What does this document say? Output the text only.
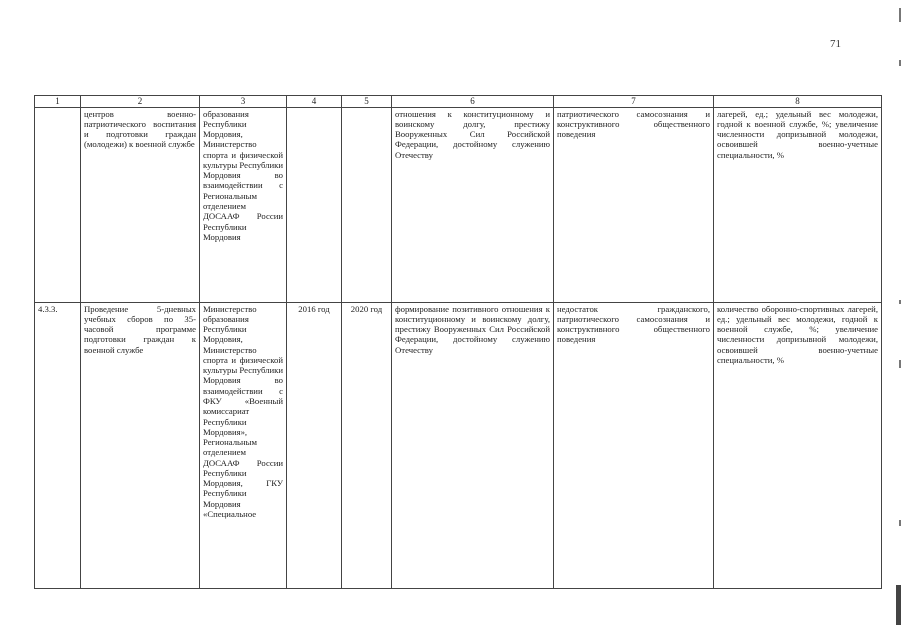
71
1	2	3	4	5	6	7	8
	центров военно-патриотического воспитания и подготовки граждан (молодежи) к военной службе	образования Республики Мордовия, Министерство спорта и физической культуры Республики Мордовия во взаимодействии с Региональным отделением ДОСААФ России Республики Мордовия			отношения к конституционному и воинскому долгу, престижу Вооруженных Сил Российской Федерации, достойному служению Отечеству	патриотического самосознания и конструктивного общественного поведения	лагерей, ед.; удельный вес молодежи, годной к военной службе, %; увеличение численности допризывной молодежи, освоившей военно-учетные специальности, %
4.3.3.	Проведение 5-дневных учебных сборов по 35-часовой программе подготовки граждан к военной службе	Министерство образования Республики Мордовия, Министерство спорта и физической культуры Республики Мордовия во взаимодействии с ФКУ «Военный комиссариат Республики Мордовия», Региональным отделением ДОСААФ России Республики Мордовия, ГКУ Республики Мордовия «Специальное	2016 год	2020 год	формирование позитивного отношения к конституционному и воинскому долгу, престижу Вооруженных Сил Российской Федерации, достойному служению Отечеству	недостаток гражданского, патриотического самосознания и конструктивного общественного поведения	количество оборонно-спортивных лагерей, ед.; удельный вес молодежи, годной к военной службе, %; увеличение численности допризывной молодежи, освоившей военно-учетные специальности, %
